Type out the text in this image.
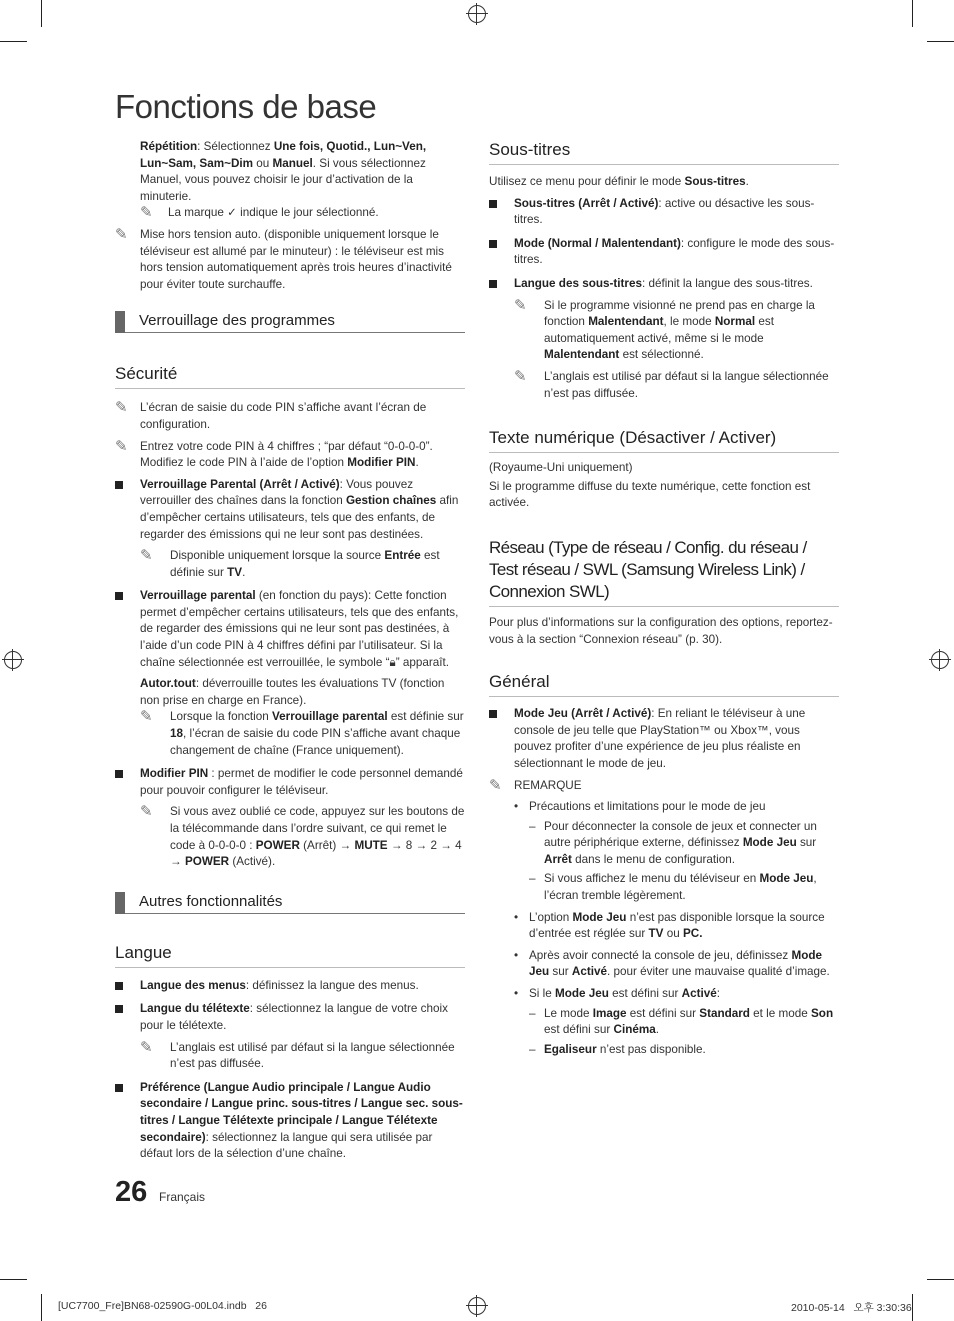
Fonctions de base

Répétition: Sélectionnez Une fois, Quotid., Lun~Ven, Lun~Sam, Sam~Dim ou Manuel. Si vous sélectionnez Manuel, vous pouvez choisir le jour d’activation de la minuterie.

✎ La marque ✓ indique le jour sélectionné.

✎ Mise hors tension auto. (disponible uniquement lorsque le téléviseur est allumé par le minuteur) : le téléviseur est mis hors tension automatiquement après trois heures d’inactivité pour éviter toute surchauffe.

Verrouillage des programmes
Sécurité

✎ L’écran de saisie du code PIN s’affiche avant l’écran de configuration.

✎ Entrez votre code PIN à 4 chiffres ; “par défaut “0-0-0-0”. Modifiez le code PIN à l’aide de l’option Modifier PIN.

Verrouillage Parental (Arrêt / Activé): Vous pouvez verrouiller des chaînes dans la fonction Gestion chaînes afin d’empêcher certains utilisateurs, tels que des enfants, de regarder des émissions qui ne leur sont pas destinées.

✎ Disponible uniquement lorsque la source Entrée est définie sur TV.

Verrouillage parental (en fonction du pays): Cette fonction permet d’empêcher certains utilisateurs, tels que des enfants, de regarder des émissions qui ne leur sont pas destinées, à l’aide d’un code PIN à 4 chiffres défini par l’utilisateur. Si la chaîne sélectionnée est verrouillée, le symbole “🔒︎” apparaît.

Autor.tout: déverrouille toutes les évaluations TV (fonction non prise en charge en France).

✎ Lorsque la fonction Verrouillage parental est définie sur 18, l’écran de saisie du code PIN s’affiche avant chaque changement de chaîne (France uniquement).

Modifier PIN : permet de modifier le code personnel demandé pour pouvoir configurer le téléviseur.

✎ Si vous avez oublié ce code, appuyez sur les boutons de la télécommande dans l’ordre suivant, ce qui remet le code à 0-0-0-0 : POWER (Arrêt) → MUTE → 8 → 2 → 4 → POWER (Activé).

Autres fonctionnalités
Langue

Langue des menus: définissez la langue des menus.

Langue du télétexte: sélectionnez la langue de votre choix pour le télétexte.

✎ L’anglais est utilisé par défaut si la langue sélectionnée n’est pas diffusée.

Préférence (Langue Audio principale / Langue Audio secondaire / Langue princ. sous-titres / Langue sec. sous-titres / Langue Télétexte principale / Langue Télétexte secondaire): sélectionnez la langue qui sera utilisée par défaut lors de la sélection d’une chaîne.

Sous-titres

Utilisez ce menu pour définir le mode Sous-titres.

Sous-titres (Arrêt / Activé): active ou désactive les sous-titres.

Mode (Normal / Malentendant): configure le mode des sous-titres.

Langue des sous-titres: définit la langue des sous-titres.

✎ Si le programme visionné ne prend pas en charge la fonction Malentendant, le mode Normal est automatiquement activé, même si le mode Malentendant est sélectionné.

✎ L’anglais est utilisé par défaut si la langue sélectionnée n’est pas diffusée.

Texte numérique (Désactiver / Activer)

(Royaume-Uni uniquement)

Si le programme diffuse du texte numérique, cette fonction est activée.

Réseau (Type de réseau / Config. du réseau / Test réseau / SWL (Samsung Wireless Link) / Connexion SWL)

Pour plus d’informations sur la configuration des options, reportez-vous à la section “Connexion réseau” (p. 30).

Général

Mode Jeu (Arrêt / Activé): En reliant le téléviseur à une console de jeu telle que PlayStation™ ou Xbox™, vous pouvez profiter d’une expérience de jeu plus réaliste en sélectionnant le mode de jeu.

✎ REMARQUE

• Précautions et limitations pour le mode de jeu

– Pour déconnecter la console de jeux et connecter un autre périphérique externe, définissez Mode Jeu sur Arrêt dans le menu de configuration.

– Si vous affichez le menu du téléviseur en Mode Jeu, l’écran tremble légèrement.

• L’option Mode Jeu n’est pas disponible lorsque la source d’entrée est réglée sur TV ou PC.

• Après avoir connecté la console de jeu, définissez Mode Jeu sur Activé. pour éviter une mauvaise qualité d’image.

• Si le Mode Jeu est défini sur Activé:

– Le mode Image est défini sur Standard et le mode Son est défini sur Cinéma.

– Egaliseur n’est pas disponible.

26 Français
[UC7700_Fre]BN68-02590G-00L04.indb   26	2010-05-14   오후 3:30:36
